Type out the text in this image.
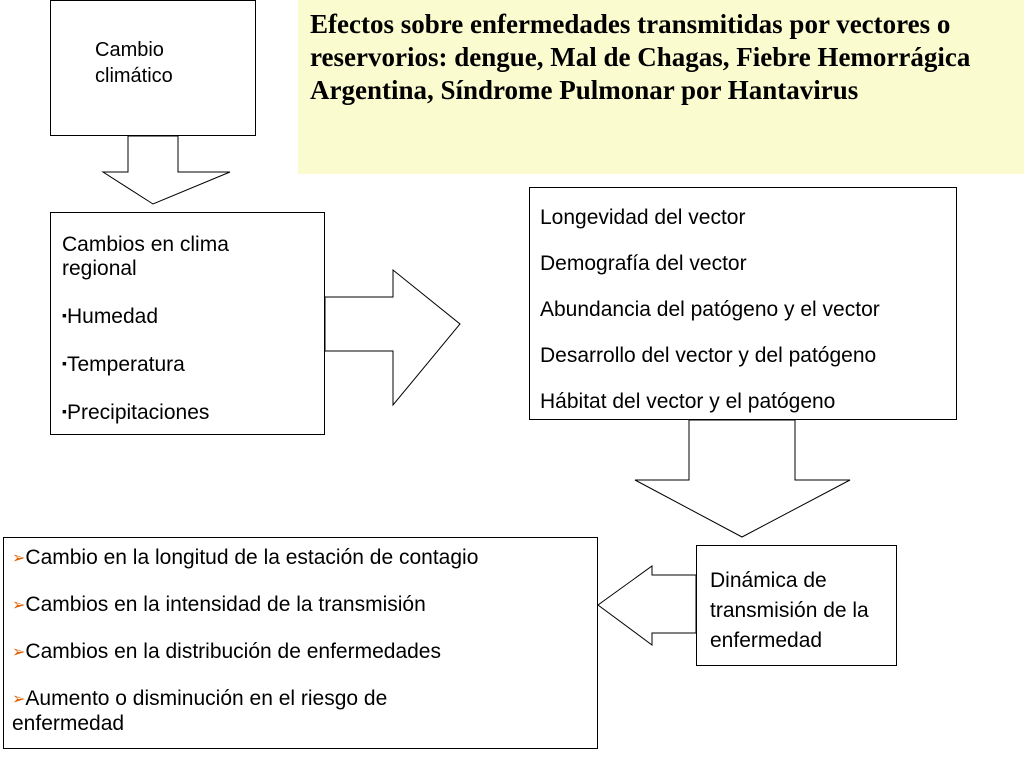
Efectos sobre enfermedades transmitidas por vectores o reservorios: dengue, Mal de Chagas, Fiebre Hemorrágica Argentina, Síndrome Pulmonar por Hantavirus
Cambio
climático
Cambios en clima regional
▪Humedad
▪Temperatura
▪Precipitaciones
Longevidad del vector
Demografía del vector
Abundancia del patógeno y el vector
Desarrollo del vector y del patógeno
Hábitat del vector y el patógeno
Dinámica de transmisión de la enfermedad
➢Cambio en la longitud de la estación de contagio
➢Cambios en la intensidad de la transmisión
➢Cambios en la distribución de enfermedades
➢Aumento o disminución en el riesgo de enfermedad
